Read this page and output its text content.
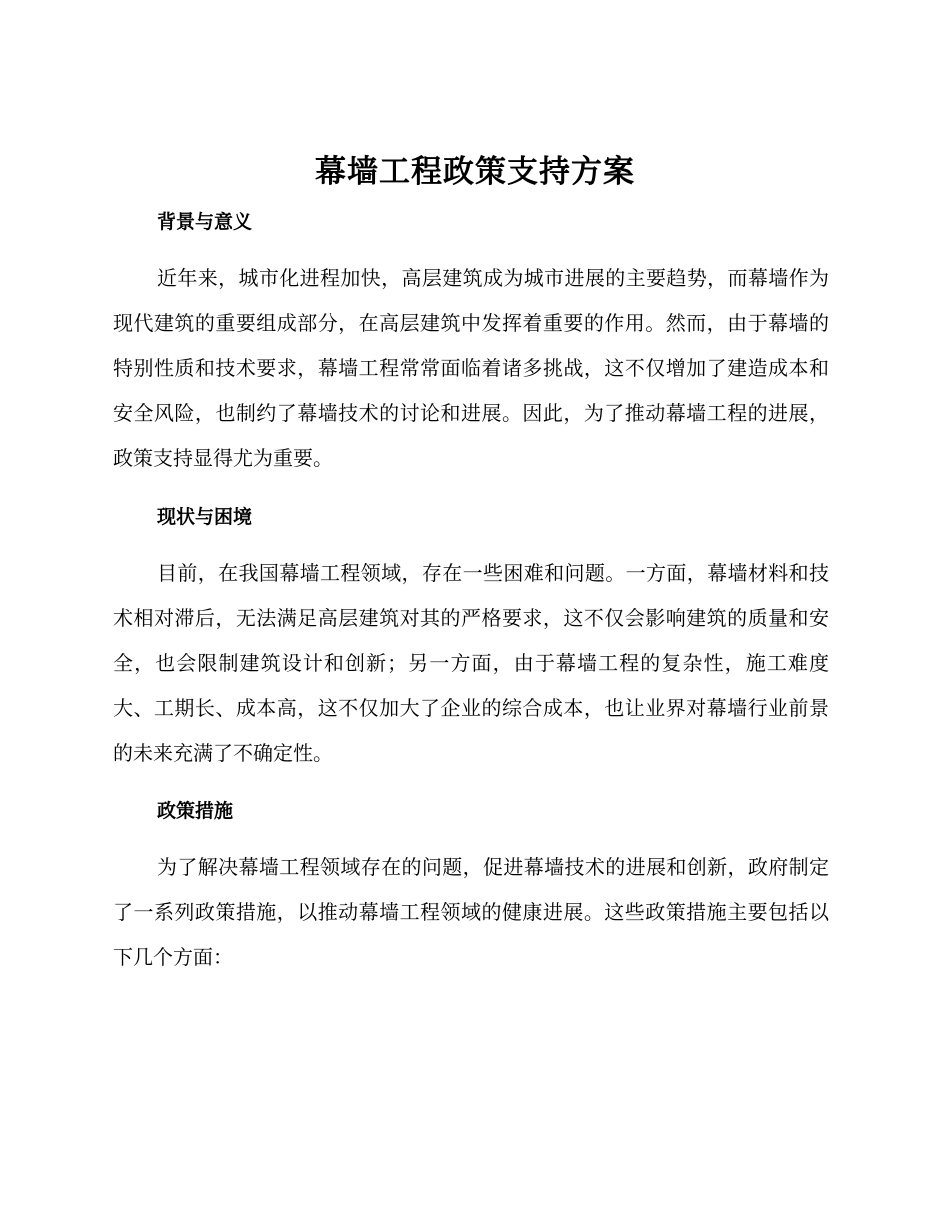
幕墙工程政策支持方案
背景与意义

近年来，城市化进程加快，高层建筑成为城市进展的主要趋势，而幕墙作为现代建筑的重要组成部分，在高层建筑中发挥着重要的作用。然而，由于幕墙的特别性质和技术要求，幕墙工程常常面临着诸多挑战，这不仅增加了建造成本和安全风险，也制约了幕墙技术的讨论和进展。因此，为了推动幕墙工程的进展，政策支持显得尤为重要。

现状与困境

目前，在我国幕墙工程领域，存在一些困难和问题。一方面，幕墙材料和技术相对滞后，无法满足高层建筑对其的严格要求，这不仅会影响建筑的质量和安全，也会限制建筑设计和创新；另一方面，由于幕墙工程的复杂性，施工难度大、工期长、成本高，这不仅加大了企业的综合成本，也让业界对幕墙行业前景的未来充满了不确定性。

政策措施

为了解决幕墙工程领域存在的问题，促进幕墙技术的进展和创新，政府制定了一系列政策措施，以推动幕墙工程领域的健康进展。这些政策措施主要包括以下几个方面：
